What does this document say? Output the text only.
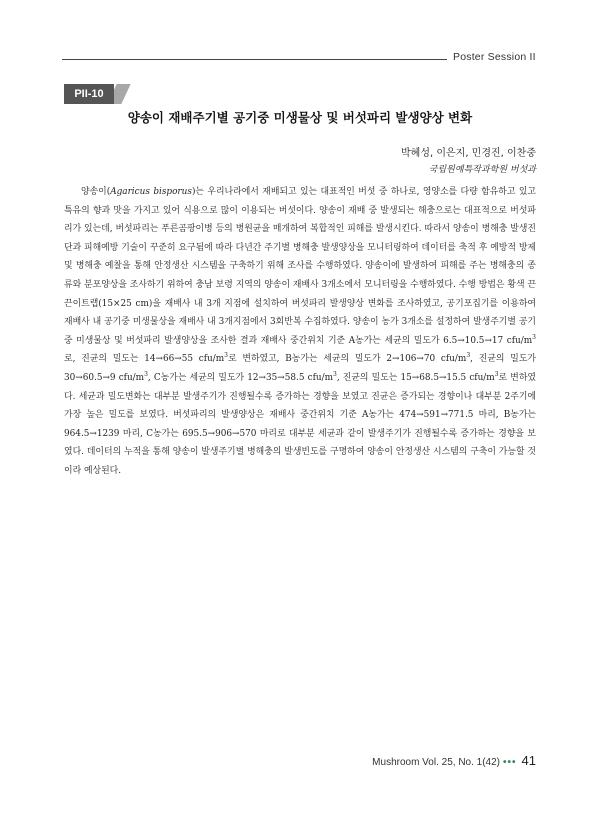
Poster Session II
PII-10
양송이 재배주기별 공기중 미생물상 및 버섯파리 발생양상 변화
박혜성, 이은지, 민경진, 이찬중
국립원예특작과학원 버섯과

양송이(Agaricus bisporus)는 우리나라에서 재배되고 있는 대표적인 버섯 중 하나로, 영양소를 다량 함유하고 있고 특유의 향과 맛을 가지고 있어 식용으로 많이 이용되는 버섯이다. 양송이 재배 중 발생되는 해충으로는 대표적으로 버섯파리가 있는데, 버섯파리는 푸른곰팡이병 등의 병원균을 매개하여 복합적인 피해를 발생시킨다. 따라서 양송이 병해충 발생진단과 피해예방 기술이 꾸준히 요구됨에 따라 다년간 주기별 병해충 발생양상을 모니터링하여 데이터를 축적 후 예방적 방제 및 병해충 예찰을 통해 안정생산 시스템을 구축하기 위해 조사를 수행하였다. 양송이에 발생하여 피해를 주는 병해충의 종류와 분포양상을 조사하기 위하여 충남 보령 지역의 양송이 재배사 3개소에서 모니터링을 수행하였다. 수행 방법은 황색 끈끈이트랩(15×25 cm)을 재배사 내 3개 지점에 설치하여 버섯파리 발생양상 변화를 조사하였고, 공기포집기를 이용하여 재배사 내 공기중 미생물상을 재배사 내 3개지점에서 3회반복 수집하였다. 양송이 농가 3개소를 설정하여 발생주기별 공기중 미생물상 및 버섯파리 발생양상을 조사한 결과 재배사 중간위치 기준 A농가는 세균의 밀도가 6.5→10.5→17 cfu/$m^3$로, 진균의 밀도는 14→66→55 cfu/$m^3$로 변하였고, B농가는 세균의 밀도가 2→106→70 cfu/$m^3$, 진균의 밀도가 30→60.5→9 cfu/$m^3$, C농가는 세균의 밀도가 12→35→58.5 cfu/$m^3$, 진균의 밀도는 15→68.5→15.5 cfu/$m^3$로 변하였다. 세균과 밀도변화는 대부분 발생주기가 진행될수록 증가하는 경향을 보였고 진균은 증가되는 경향이나 대부분 2주기에 가장 높은 밀도를 보였다. 버섯파리의 발생양상은 재배사 중간위치 기준 A농가는 474→591→771.5 마리, B농가는 964.5→1239 마리, C농가는 695.5→906→570 마리로 대부분 세균과 같이 발생주기가 진행될수록 증가하는 경향을 보였다. 데이터의 누적을 통해 양송이 발생주기별 병해충의 발생빈도를 구명하여 양송이 안정생산 시스템의 구축이 가능할 것이라 예상된다.

Mushroom Vol. 25, No. 1(42) ••• 41
